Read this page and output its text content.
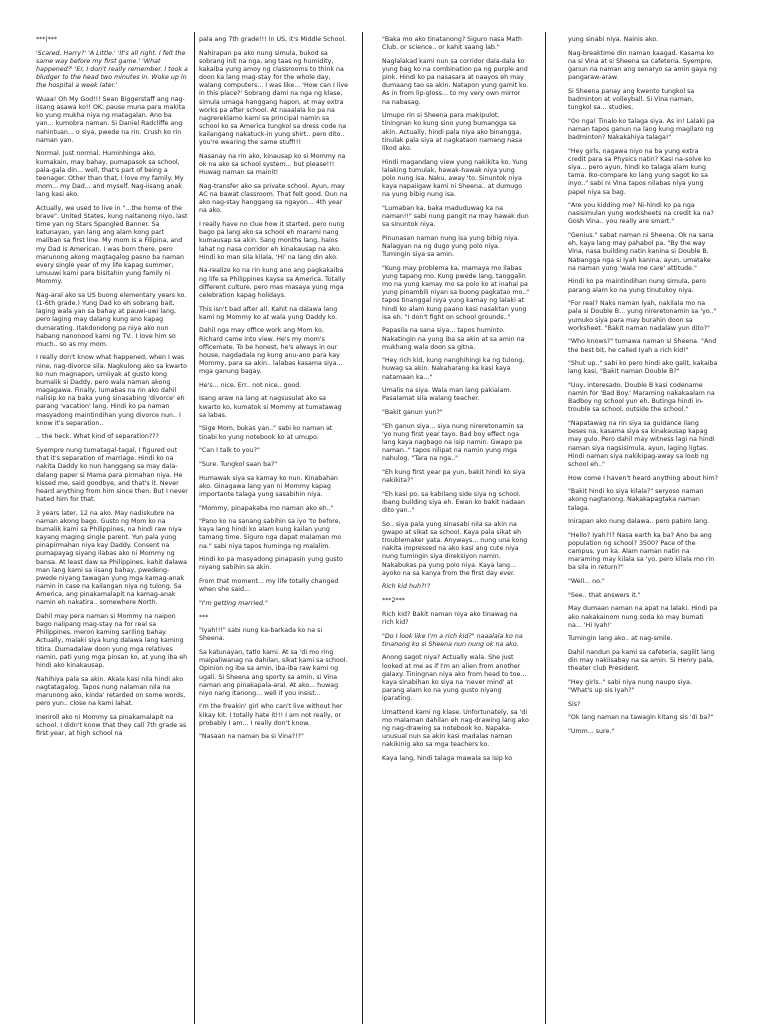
***|***

'Scared, Harry?' 'A Little.' 'It's all right. I felt the same way before my first game.' 'What happened?' 'Er, I don't really remember. I took a bludger to the head two minutes in. Woke up in the hospital a week later.'

Wuaa! Oh My God!!! Sean Biggerstaff ang nag-iisang asawa ko!! OK, pause muna para makita ko yung mukha niya ng matagalan. Ano ba yan... kumobra naman. Si Daniel Radcliffe ang nahintuan... o siya, pwede na rin. Crush ko rin naman yan.

Normal. Just normal. Huminhinga ako, kumakain, may bahay, pumapasok sa school, pala-gala din... well, that's part of being a teenager. Other than that, I love my family. My mom... my Dad... and myself. Nag-iisang anak lang kasi ako.

Actually, we used to live in "...the home of the brave". United States, kung naitanong niyo, last time yan ng Stars Spangled Banner. Sa katunayan, yan lang ang alam kong part maliban sa first line. My mom is a Filipina, and my Dad is American. I was born there, pero marunong akong magtagalog pasno ba naman every single year of my life kapag summer, umuuwi kami para bisitahin yung family ni Mommy.

Nag-aral ako sa US buong elementary years ko. (1-6th grade.) Yung Dad ko eh sobrang bait, laging wala yan sa bahay at pauwi-uwi lang, pero laging may dalang kung ano kapag dumarating. Itakdondong pa niya ako nun habang nanonood kami ng TV.. I love him so much.. so as my mom.

I really don't know what happened, when I was nine, nag-divorce sila. Nagkulong ako sa kwarto ko nun magnapon, umiiyak at gusto kong bumalik si Daddy, pero wala naman akong magagawa. Finally, lumabas na rin ako dahil nalisip ko na baka yung sinasabing 'divorce' eh parang 'vacation' lang. Hindi ko pa naman masyadong maintindihan yung divorce nun.. I know it's separation..

.. the heck. What kind of separation???

Syempre nung tumatagal-tagal, I figured out that it's separation of marriage. Hindi ko na nakita Daddy ko nun hanggang sa may dala-dalang paper si Mama para pirmahan niya. He kissed me, said goodbye, and that's it. Never heard anything from him since then. But I never hated him for that.

3 years later, 12 na ako. May nadiskubre na naman akong bago. Gusto ng Mom ko na bumalik kami sa Philippines, na hindi raw niya kayang maging single parent. Yun pala yung pinapirmahan niya kay Daddy. Consent na pumapayag siyang ilabas ako ni Mommy ng bansa. At least daw sa Philippines, kahit dalawa man lang kami sa iisang bahay, pwedeng-pwede niyang tawagan yung mga kamag-anak namin in case na kailangan niya ng tulong. Sa America, ang pinakamalapit na kamag-anak namin eh nakatira.. somewhere North.

Dahil may pera naman si Mommy na naipon bago nalipang mag-stay na for real sa Philippines, meron kaming sariling bahay. Actually, malaki siya kung dalawa lang kaming titira. Dumadalaw doon yung mga relatives namin, pati yung mga pinsan ko, at yung iba eh hindi ako kinakausap.

Nahihiya pala sa akin. Akala kasi nila hindi ako nagtatagalog. Tapos nung nalaman nila na marunong ako, kinda' retarded on some words, pero yun.. close na kami lahat.

Inenroll ako ni Mommy sa pinakamalapit na school. I didn't know that they call 7th grade as first year, at high school na

pala ang 7th grade!!! In US, it's Middle School.

Nahirapan pa ako nung simula, bukod sa sobrang init na nga, ang taas ng humidity, kakaiba yung amoy ng classrooms to think na doon ka lang mag-stay for the whole day, walang computers... I was like... 'How can I live in this place?' Sobrang dami na nga ng klase, simula umaga hanggang hapon, at may extra works pa after school. At naaalala ko pa na nagrereklamo kami sa principal namin sa school ko sa America tungkol sa dress code na kailangang nakatuck-in yung shirt.. pero dito.. you're wearing the same stuff!!!

Nasanay na rin ako, kinausap ko si Mommy na ok na ako sa school system... but please!!! Huwag naman sa mainit!

Nag-transfer ako sa private school. Ayun, may AC na bawat classroom. That felt good. Dun na ako nag-stay hanggang sa ngayon... 4th year na ako.

I really have no clue how it started, pero nung bago pa lang ako sa school eh marami nang kumausap sa akin. Sang months lang, halos lahat ng nasa corridor eh kinakausap na ako. Hindi ko man sila kilala, 'Hi' na lang din ako.

Na-realize ko na rin kung ano ang pagkakaiba ng life sa Philippines kaysa sa America. Totally different culture, pero mas masaya yung mga celebration kapag holidays.

This isn't bad after all. Kahit na dalawa lang kami ng Mommy ko at wala yung Daddy ko.

Dahil nga may office work ang Mom ko, Richard came into view. He's my mom's officemate. To be honest, he's always in our house, nagdadala ng kung anu-ano para kay Mommy, para sa akin.. lalabas kasama siya... mga ganung bagay.

He's... nice. Err.. not nice.. good.

Isang araw na lang at nagsusulat ako sa kwarto ko, kumatok si Mommy at tumatawag sa labas.

"Sige Mom, bukas yan.." sabi ko naman at tinabi ko yung notebook ko at umupo.

"Can I talk to you?"

"Sure. Tungkol saan ba?"

Humawak siya sa kamay ko nun. Kinabahan ako. Ginagawa lang yan ni Mommy kapag importante talaga yung sasabihin niya.

"Mommy, pinapakaba mo naman ako eh.."

"Pano ko na sanang sabihin sa iyo 'to before, kaya lang hindi ko alam kung kailan yung tamang time. Siguro nga dapat malaman mo na." sabi niya tapos huminga ng malalim.

Hindi ko pa masyadong pinapasin yung gusto niyang sabihin sa akin.

From that moment... my life totally changed when she said...

"I'm getting married."

***

"Iyah!!!" sabi nung ka-barkada ko na si Sheena.

Sa katunayan, tatlo kami. At sa 'di mo ring maipaliwanag na dahilan, sikat kami sa school. Opinion ng iba sa amin, iba-iba raw kami ng ugali. Si Sheena ang sporty sa amin, si Vina naman ang pinakapala-aral. At ako... huwag niyo nang itanong... well if you insist...

I'm the freakin' girl who can't live without her kikay kit. I totally hate it!!! I am not really, or probably I am... I really don't know.

"Nasaan na naman ba si Vina?!?"

"Baka mo ako tinatanong? Siguro nasa Math Club, or science.. or kahit saang lab."

Naglalakad kami nun sa corridor dala-dala ko yung bag ko na combination pa ng purple and pink. Hindi ko pa nasasara at naayos eh may dumaang tao sa akin. Natapon yung gamit ko. As in from lip-gloss... to my very own mirror na nabasag.

Umupo rin si Sheena para makipulot, tiningnan ko kung sino yung bumangga sa akin. Actually, hindi pala niya ako binangga, tinulak pala siya at nagkataon namang nasa likod ako.

Hindi magandang view yung nakikita ko. Yung lalaking tumulak, hawak-hawak niya yung polo nung isa. Naku, away 'to. Sinuntok niya kaya napaiigaw kami ni Sheena.. at dumugo na yung bibig nung isa.

"Lumaban ka, baka maduduwag ka na naman!!" sabi nung pangit na may hawak dun sa sinuntok niya.

Pinunasan naman nung isa yung bibig niya. Nalagyan na ng dugo yung polo niya. Tumingin siya sa amin.

"Kung may problema ka, mamaya mo ilabas yung tapang mo. Kung pwede lang, tanggalin mo na yung kamay mo sa polo ko at inahal pa yung pinambili niyan sa buong pagkatao mo.." tapos tinanggal niya yung kamay ng lalaki at hindi ko alam kung paano kasi nasaktan yung isa eh. "I don't fight on school grounds.."

Papasila na sana siya... tapos huminto. Nakatingin na yung iba sa akin at sa amin na mukhang wala doon sa gitna.

"Hey rich kid, kung nanghihingi ka ng tulong, huwag sa akin. Nakaharang ka kasi kaya natamaan ka..."

Umalis na siya. Wala man lang pakialam. Pasalamat sila walang teacher.

"Bakit ganun yun?"

"Eh ganun siya... siya nung nireretonamin sa 'yo nung first year tayo. Bad boy effect nga lang kaya nagbago na isip namin. Gwapo pa naman.." tapos nilipat na namin yung mga nahulog. "Tara na nga.."

"Eh kung first year pa yun, bakit hindi ko siya nakikita?"

"Eh kasi po, sa kabilang side siya ng school. Ibang building siya eh. Ewan ko bakit nadaan dito yan.."

So.. siya pala yung sinasabi nila sa akin na gwapo at sikat sa school. Kaya pala sikat eh troublemaker yata. Anyways... nung una kong nakita impressed na ako kasi ang cute niya nung tumingin siya direksiyon namin. Nakabukas pa yung polo niya. Kaya lang... ayoko na sa kanya from the first day ever.

Rich kid huh?!?

***2***

Rich kid? Bakit naman niya ako tinawag na rich kid?

"Do I look like I'm a rich kid?" naaalala ko na tinanong ko si Sheena nun nung ok na ako.

Anong sagot niya? Actually wala. She just looked at me as if I'm an alien from another galaxy. Tiningnan niya ako from head to toe... kaya sinabihan ko siya na 'never mind' at parang alam ko na yung gusto niyang iparating.

Umattend kami ng klase. Unfortunately, sa 'di mo malaman dahilan eh nag-drawing lang ako ng nag-drawing sa notebook ko. Napaka-unusual nun sa akin kasi madalas naman nakikinig ako sa mga teachers ko.

Kaya lang, hindi talaga mawala sa isip ko

yung sinabi niya. Nainis ako.

Nag-breaktime din naman kaagad. Kasama ko na si Vina at si Sheena sa cafeteria. Syempre, ganun na naman ang senaryo sa amin gaya ng pangaraw-araw.

Si Sheena panay ang kwento tungkol sa badminton at volleyball. Si Vina naman, tungkol sa... studies.

"Oo nga! Tinalo ko talaga siya. As in! Lalaki pa naman tapos ganun na lang kung magilaro ng badminton? Nakakahiya talaga!"

"Hey girls, nagawa niyo na ba yung extra credit para sa Physics natin? Kasi na-solve ko siya... pero ayun, hindi ko talaga alam kung tama. Iko-compare ko lang yung sagot ko sa inyo.." sabi ni Vina tapos nilabas niya yung papel niya sa bag.

"Are you kidding me? Ni-hindi ko pa nga nasisimulan yung worksheets na credit ka na? Gosh Vina.. you really are smart."

"Genius." sabat naman ni Sheena. Ok na sana eh, kaya lang may pahabol pa. "By the way Vina, nasa building natin kanina si Double B. Nabangga nga si Iyah kanina, ayun, umatake na naman yung 'wala me care' attitude."

Hindi ko pa maintindihan nung simula, pero parang alam ko na yung tinutukoy niya.

"For real? Naks naman Iyah, nakilala mo na pala si Double B... yung nireretonamin sa 'yo.." yumuko siya para may burahin doon sa worksheet. "Bakit naman nadalaw yun dito?"

"Who knows?" tumawa naman si Sheena. "And the best bit, he called Iyah a rich kid!"

"Shut up.." sabi ko pero hindi ako galit, kakaiba lang kasi, "Bakit naman Double B?"

"Uuy, interesado. Double B kasi codename namin for 'Bad Boy.' Maraming nakakaalam na Badboy ng school yun eh. Butinga hindi in-trouble sa school, outside the school."

"Napatawag na rin siya sa guidance ilang beses na, kasama siya sa kinakausap kapag may gulo. Pero dahil may witness lagi na hindi naman siya nagsisimula, ayun, laging ligtas. Hindi naman siya nakikipag-away sa loob ng school eh.."

How come I haven't heard anything about him?

"Bakit hindi ko siya kilala?" seryoso naman akong nagtanong. Nakakapagtaka naman talaga.

Inirapan ako nung dalawa.. pero pabiro lang.

"Hello? Iyah?!? Nasa earth ka ba? Ano ba ang population ng school? 3500? Pace of the campus, yun ka. Alam naman natin na maraming may kilala sa 'yo, pero kilala mo rin ba sila in return?"

"Well... no."

"See.. that answers it."

May dumaan naman na apat na lalaki. Hindi pa ako nakakainom nung soda ko may bumati na... 'Hi Iyah!'

Tumingin lang ako.. at nag-smile.

Dahil nandun pa kami sa cafeteria, sagilit lang din may nakiisabay na sa amin. Si Henry pala, theater club President.

"Hey girls.." sabi niya nung naupo siya. "What's up sis Iyah?"

Sis?

"Ok lang naman na tawagin kitang sis 'di ba?"

"Umm... sure."
